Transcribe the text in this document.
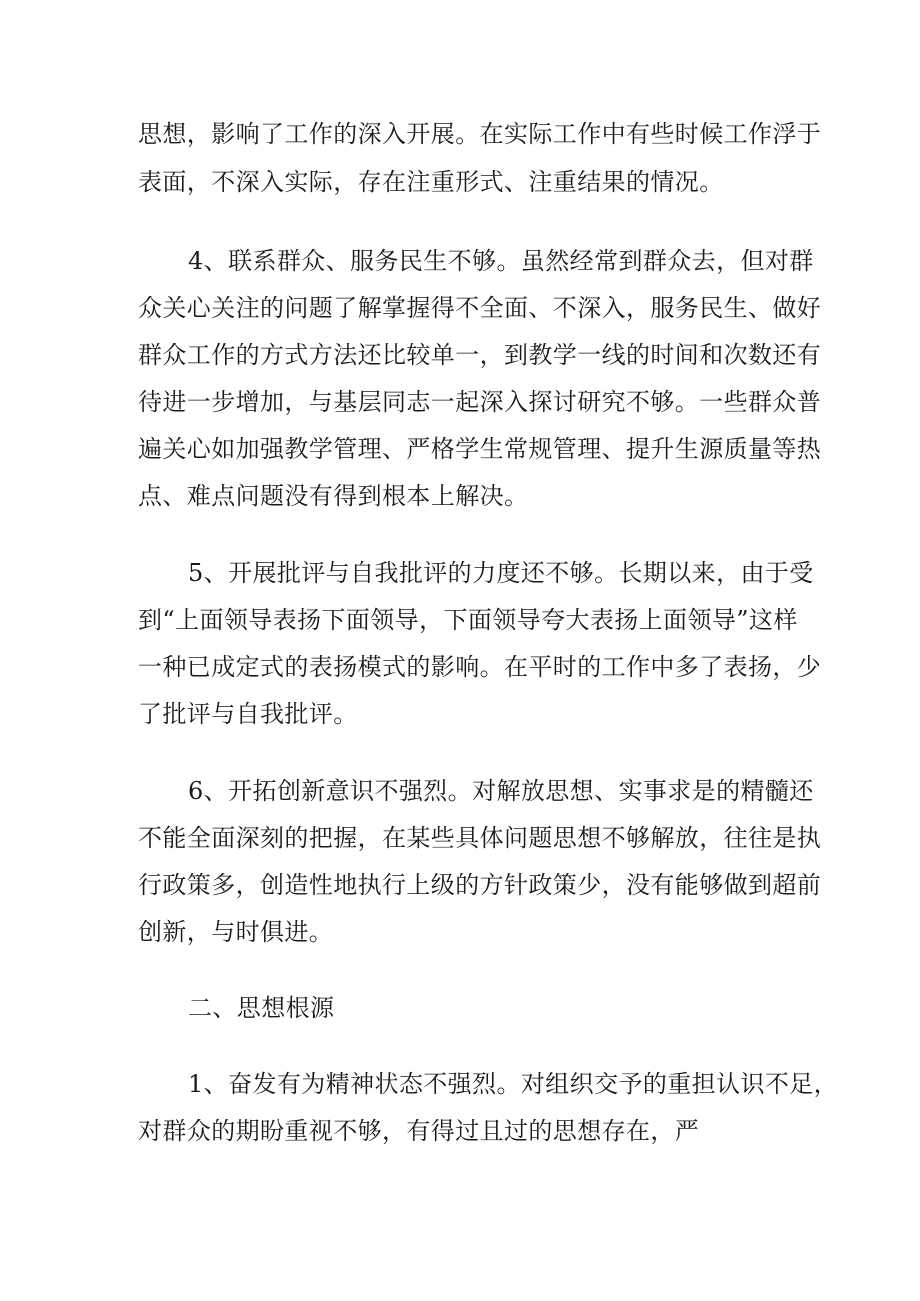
思想，影响了工作的深入开展。在实际工作中有些时候工作浮于
表面，不深入实际，存在注重形式、注重结果的情况。
4、联系群众、服务民生不够。虽然经常到群众去，但对群
众关心关注的问题了解掌握得不全面、不深入，服务民生、做好
群众工作的方式方法还比较单一，到教学一线的时间和次数还有
待进一步增加，与基层同志一起深入探讨研究不够。一些群众普
遍关心如加强教学管理、严格学生常规管理、提升生源质量等热
点、难点问题没有得到根本上解决。
5、开展批评与自我批评的力度还不够。长期以来，由于受
到“上面领导表扬下面领导，下面领导夸大表扬上面领导”这样
一种已成定式的表扬模式的影响。在平时的工作中多了表扬，少
了批评与自我批评。
6、开拓创新意识不强烈。对解放思想、实事求是的精髓还
不能全面深刻的把握，在某些具体问题思想不够解放，往往是执
行政策多，创造性地执行上级的方针政策少，没有能够做到超前
创新，与时俱进。
二、思想根源
1、奋发有为精神状态不强烈。对组织交予的重担认识不足，
对群众的期盼重视不够，有得过且过的思想存在，严
